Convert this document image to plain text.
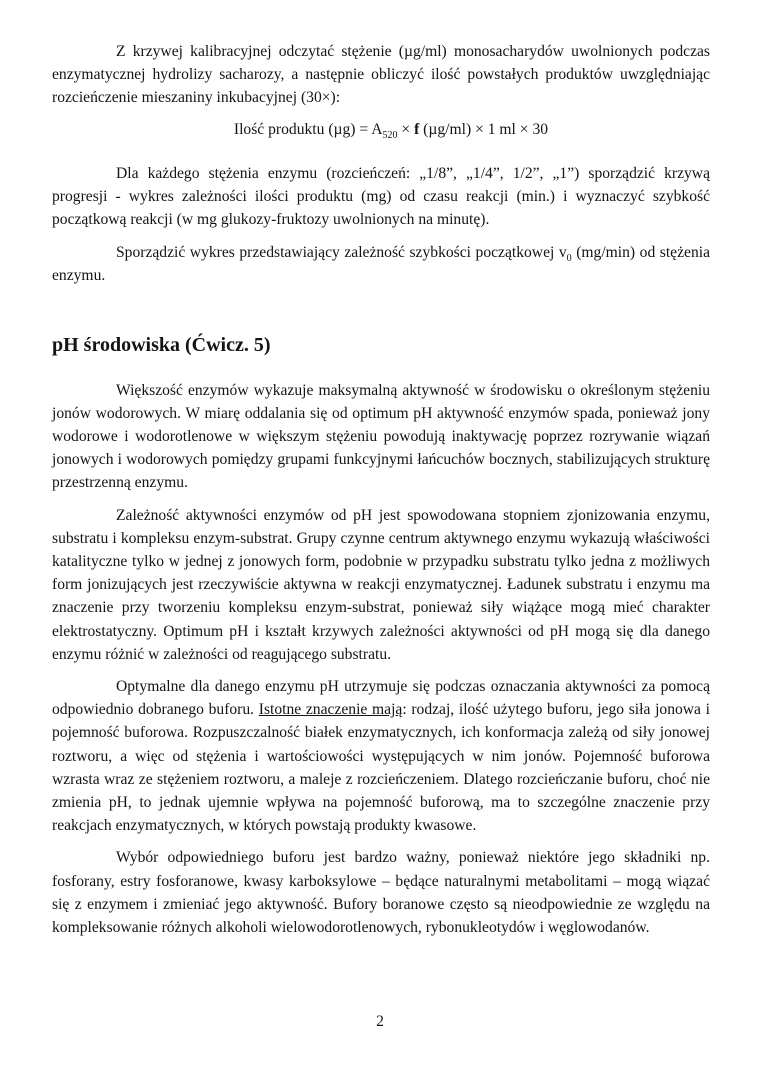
Z krzywej kalibracyjnej odczytać stężenie (µg/ml) monosacharydów uwolnionych podczas enzymatycznej hydrolizy sacharozy, a następnie obliczyć ilość powstałych produktów uwzględniając rozcieńczenie mieszaniny inkubacyjnej (30×):

Ilość produktu $(\mu g) = A_{520} \times f$ (µg/ml) × 1 ml × 30

Dla każdego stężenia enzymu (rozcieńczeń: „1/8”, „1/4”, 1/2”, „1”) sporządzić krzywą progresji - wykres zależności ilości produktu (mg) od czasu reakcji (min.) i wyznaczyć szybkość początkową reakcji (w mg glukozy-fruktozy uwolnionych na minutę).

Sporządzić wykres przedstawiający zależność szybkości początkowej $v_0$ (mg/min) od stężenia enzymu.

pH środowiska (Ćwicz. 5)

Większość enzymów wykazuje maksymalną aktywność w środowisku o określonym stężeniu jonów wodorowych. W miarę oddalania się od optimum pH aktywność enzymów spada, ponieważ jony wodorowe i wodorotlenowe w większym stężeniu powodują inaktywację poprzez rozrywanie wiązań jonowych i wodorowych pomiędzy grupami funkcyjnymi łańcuchów bocznych, stabilizujących strukturę przestrzenną enzymu.

Zależność aktywności enzymów od pH jest spowodowana stopniem zjonizowania enzymu, substratu i kompleksu enzym-substrat. Grupy czynne centrum aktywnego enzymu wykazują właściwości katalityczne tylko w jednej z jonowych form, podobnie w przypadku substratu tylko jedna z możliwych form jonizujących jest rzeczywiście aktywna w reakcji enzymatycznej. Ładunek substratu i enzymu ma znaczenie przy tworzeniu kompleksu enzym-substrat, ponieważ siły wiążące mogą mieć charakter elektrostatyczny. Optimum pH i kształt krzywych zależności aktywności od pH mogą się dla danego enzymu różnić w zależności od reagującego substratu.

Optymalne dla danego enzymu pH utrzymuje się podczas oznaczania aktywności za pomocą odpowiednio dobranego buforu. Istotne znaczenie mają: rodzaj, ilość użytego buforu, jego siła jonowa i pojemność buforowa. Rozpuszczalność białek enzymatycznych, ich konformacja zależą od siły jonowej roztworu, a więc od stężenia i wartościowości występujących w nim jonów. Pojemność buforowa wzrasta wraz ze stężeniem roztworu, a maleje z rozcieńczeniem. Dlatego rozcieńczanie buforu, choć nie zmienia pH, to jednak ujemnie wpływa na pojemność buforową, ma to szczególne znaczenie przy reakcjach enzymatycznych, w których powstają produkty kwasowe.

Wybór odpowiedniego buforu jest bardzo ważny, ponieważ niektóre jego składniki np. fosforany, estry fosforanowe, kwasy karboksylowe – będące naturalnymi metabolitami – mogą wiązać się z enzymem i zmieniać jego aktywność. Bufory boranowe często są nieodpowiednie ze względu na kompleksowanie różnych alkoholi wielowodorotlenowych, rybonukleotydów i węglowodanów.

2
